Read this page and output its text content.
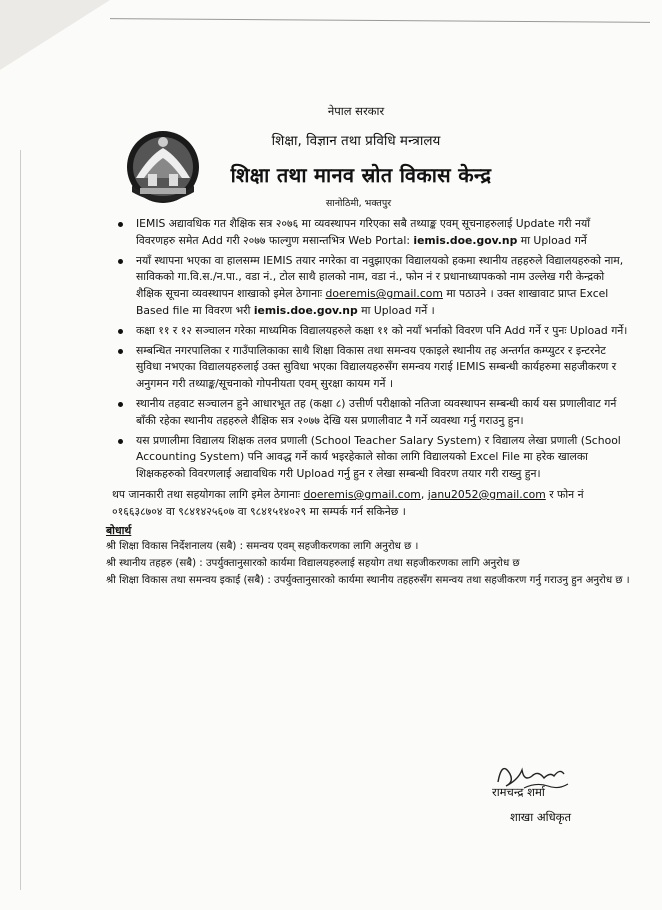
नेपाल सरकार
शिक्षा, विज्ञान तथा प्रविधि मन्त्रालय
शिक्षा तथा मानव स्रोत विकास केन्द्र
सानोठिमी, भक्तपुर
IEMIS अद्यावधिक गत शैक्षिक सत्र २०७६ मा व्यवस्थापन गरिएका सबै तथ्याङ्क एवम् सूचनाहरुलाई Update गरी नयाँ विवरणहरु समेत Add गरी २०७७ फाल्गुण मसान्तभित्र Web Portal: iemis.doe.gov.np मा Upload गर्ने
नयाँ स्थापना भएका वा हालसम्म IEMIS तयार नगरेका वा नवुझाएका विद्यालयको हकमा स्थानीय तहहरुले विद्यालयहरुको नाम, साविकको गा.वि.स./न.पा., वडा नं., टोल साथै हालको नाम, वडा नं., फोन नं र प्रधानाध्यापकको नाम उल्लेख गरी केन्द्रको शैक्षिक सूचना व्यवस्थापन शाखाको इमेल ठेगानाः doeremis@gmail.com मा पठाउने । उक्त शाखावाट प्राप्त Excel Based file मा विवरण भरी iemis.doe.gov.np मा Upload गर्ने ।
कक्षा ११ र १२ सञ्चालन गरेका माध्यमिक विद्यालयहरुले कक्षा ११ को नयाँ भर्नाको विवरण पनि Add गर्ने र पुनः Upload गर्ने।
सम्बन्धित नगरपालिका र गाउँपालिकाका साथै शिक्षा विकास तथा समन्वय एकाइले स्थानीय तह अन्तर्गत कम्प्युटर र इन्टरनेट सुविधा नभएका विद्यालयहरुलाई उक्त सुविधा भएका विद्यालयहरुसँग समन्वय गराई IEMIS सम्बन्धी कार्यहरुमा सहजीकरण र अनुगमन गरी तथ्याङ्क/सूचनाको गोपनीयता एवम् सुरक्षा कायम गर्ने ।
स्थानीय तहवाट सञ्चालन हुने आधारभूत तह (कक्षा ८) उत्तीर्ण परीक्षाको नतिजा व्यवस्थापन सम्बन्धी कार्य यस प्रणालीवाट गर्न बाँकी रहेका स्थानीय तहहरुले शैक्षिक सत्र २०७७ देखि यस प्रणालीवाट नै गर्ने व्यवस्था गर्नु गराउनु हुन।
यस प्रणालीमा विद्यालय शिक्षक तलव प्रणाली (School Teacher Salary System) र विद्यालय लेखा प्रणाली (School Accounting System) पनि आवद्ध गर्ने कार्य भइरहेकाले सोका लागि विद्यालयको Excel File मा हरेक खालका शिक्षकहरुको विवरणलाई अद्यावधिक गरी Upload गर्नु हुन र लेखा सम्बन्धी विवरण तयार गरी राख्नु हुन।
थप जानकारी तथा सहयोगका लागि इमेल ठेगानाः doeremis@gmail.com, janu2052@gmail.com र फोन नं ०१६६३८७०४ वा ९८४१४२५६०७ वा ९८४१५१४०२९ मा सम्पर्क गर्न सकिनेछ ।
बोधार्थ
श्री शिक्षा विकास निर्देशनालय (सबै) : समन्वय एवम् सहजीकरणका लागि अनुरोध छ ।
श्री स्थानीय तहहरु (सबै) : उपर्युक्तानुसारको कार्यमा विद्यालयहरुलाई सहयोग तथा सहजीकरणका लागि अनुरोध छ
श्री शिक्षा विकास तथा समन्वय इकाई (सबै) : उपर्युक्तानुसारको कार्यमा स्थानीय तहहरुसँग समन्वय तथा सहजीकरण गर्नु गराउनु हुन अनुरोध छ ।
रामचन्द्र शर्मा
शाखा अधिकृत
